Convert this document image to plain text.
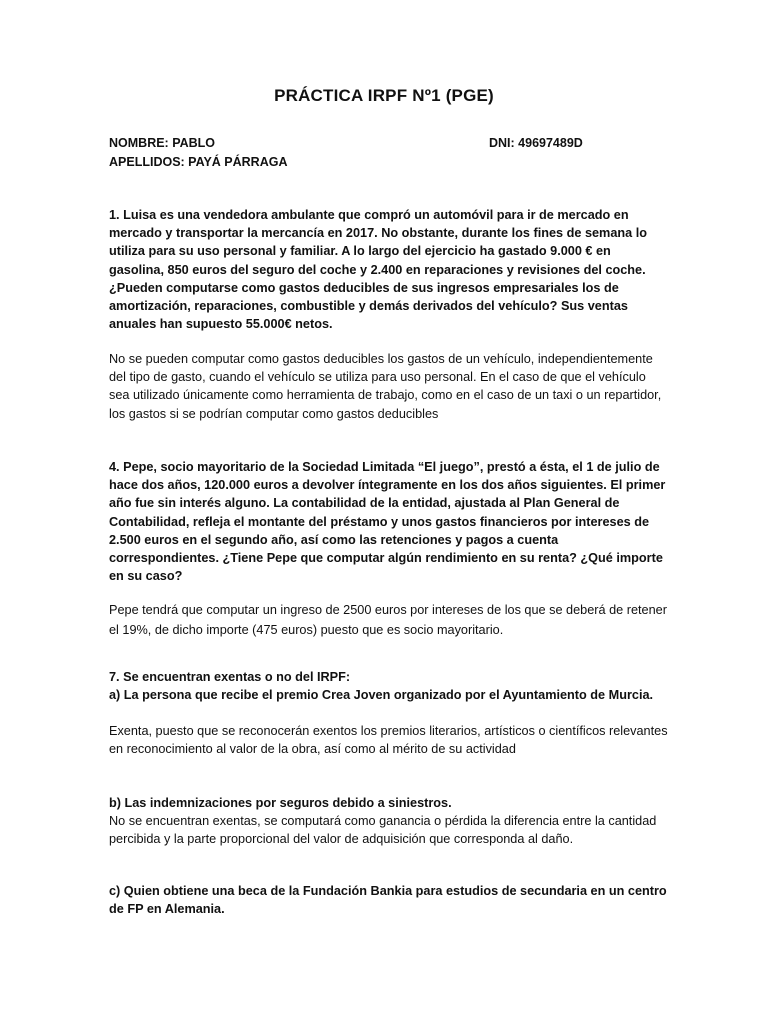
PRÁCTICA IRPF Nº1 (PGE)
NOMBRE: PABLO	DNI: 49697489D
APELLIDOS: PAYÁ PÁRRAGA
1. Luisa es una vendedora ambulante que compró un automóvil para ir de mercado en mercado y transportar la mercancía en 2017. No obstante, durante los fines de semana lo utiliza para su uso personal y familiar. A lo largo del ejercicio ha gastado 9.000 € en gasolina, 850 euros del seguro del coche y 2.400 en reparaciones y revisiones del coche. ¿Pueden computarse como gastos deducibles de sus ingresos empresariales los de amortización, reparaciones, combustible y demás derivados del vehículo? Sus ventas anuales han supuesto 55.000€ netos.
No se pueden computar como gastos deducibles los gastos de un vehículo, independientemente del tipo de gasto, cuando el vehículo se utiliza para uso personal. En el caso de que el vehículo sea utilizado únicamente como herramienta de trabajo, como en el caso de un taxi o un repartidor, los gastos si se podrían computar como gastos deducibles
4. Pepe, socio mayoritario de la Sociedad Limitada “El juego”, prestó a ésta, el 1 de julio de hace dos años, 120.000 euros a devolver íntegramente en los dos años siguientes. El primer año fue sin interés alguno. La contabilidad de la entidad, ajustada al Plan General de Contabilidad, refleja el montante del préstamo y unos gastos financieros por intereses de 2.500 euros en el segundo año, así como las retenciones y pagos a cuenta correspondientes. ¿Tiene Pepe que computar algún rendimiento en su renta? ¿Qué importe en su caso?
Pepe tendrá que computar un ingreso de 2500 euros por intereses de los que se deberá de retener el 19%, de dicho importe (475 euros) puesto que es socio mayoritario.
7. Se encuentran exentas o no del IRPF:
a) La persona que recibe el premio Crea Joven organizado por el Ayuntamiento de Murcia.
Exenta, puesto que se reconocerán exentos los premios literarios, artísticos o científicos relevantes en reconocimiento al valor de la obra, así como al mérito de su actividad
b) Las indemnizaciones por seguros debido a siniestros.
No se encuentran exentas, se computará como ganancia o pérdida la diferencia entre la cantidad percibida y la parte proporcional del valor de adquisición que corresponda al daño.
c) Quien obtiene una beca de la Fundación Bankia para estudios de secundaria en un centro de FP en Alemania.
